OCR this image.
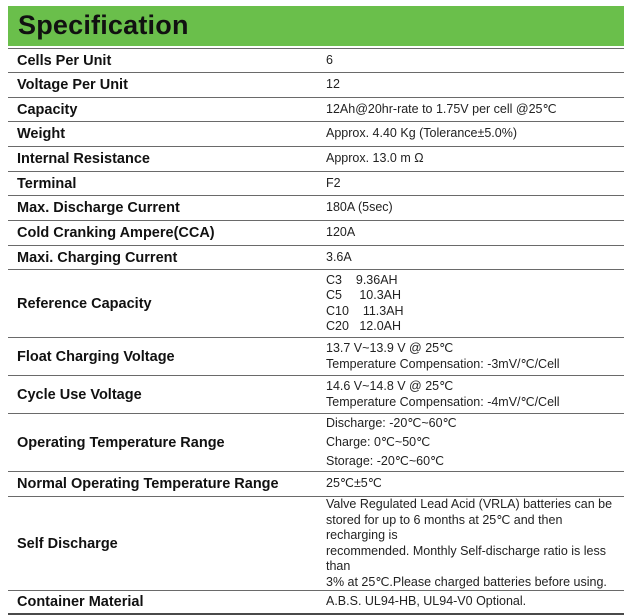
Specification
Cells Per Unit	6

Voltage Per Unit	12

Capacity	12Ah@20hr-rate to 1.75V per cell @25℃

Weight	Approx. 4.40 Kg (Tolerance±5.0%)

Internal Resistance	Approx. 13.0 m Ω

Terminal	F2

Max. Discharge Current	180A (5sec)

Cold Cranking Ampere(CCA)	120A

Maxi. Charging Current	3.6A

Reference Capacity	C3    9.36AH
C5     10.3AH
C10    11.3AH
C20   12.0AH

Float Charging Voltage	13.7 V~13.9 V @ 25℃
Temperature Compensation: -3mV/℃/Cell

Cycle Use Voltage	14.6 V~14.8 V @ 25℃
Temperature Compensation: -4mV/℃/Cell

Operating Temperature Range	Discharge: -20℃~60℃
Charge: 0℃~50℃
Storage: -20℃~60℃

Normal Operating Temperature Range	25℃±5℃

Self Discharge	Valve Regulated Lead Acid (VRLA) batteries can be
stored for up to 6 months at 25℃ and then recharging is
recommended. Monthly Self-discharge ratio is less than
3% at 25℃.Please charged batteries before using.

Container Material	A.B.S. UL94-HB, UL94-V0 Optional.
